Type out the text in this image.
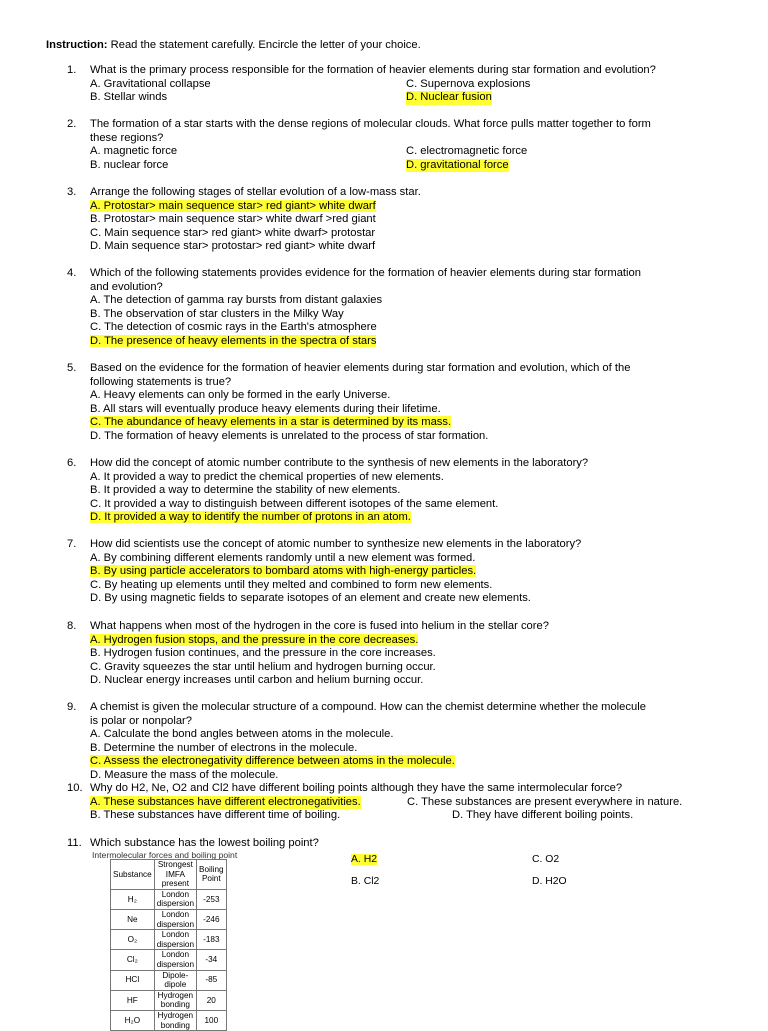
Instruction: Read the statement carefully. Encircle the letter of your choice.
1.	What is the primary process responsible for the formation of heavier elements during star formation and evolution?
A. Gravitational collapse	C. Supernova explosions
B. Stellar winds	D. Nuclear fusion
2.	The formation of a star starts with the dense regions of molecular clouds. What force pulls matter together to form
these regions?
A. magnetic force	C. electromagnetic force
B. nuclear force	D. gravitational force
3.	Arrange the following stages of stellar evolution of a low-mass star.
A. Protostar> main sequence star> red giant> white dwarf
B. Protostar> main sequence star> white dwarf >red giant
C. Main sequence star> red giant> white dwarf> protostar
D. Main sequence star> protostar> red giant> white dwarf
4.	Which of the following statements provides evidence for the formation of heavier elements during star formation
and evolution?
A. The detection of gamma ray bursts from distant galaxies
B. The observation of star clusters in the Milky Way
C. The detection of cosmic rays in the Earth's atmosphere
D. The presence of heavy elements in the spectra of stars
5.	Based on the evidence for the formation of heavier elements during star formation and evolution, which of the
following statements is true?
A. Heavy elements can only be formed in the early Universe.
B. All stars will eventually produce heavy elements during their lifetime.
C. The abundance of heavy elements in a star is determined by its mass.
D. The formation of heavy elements is unrelated to the process of star formation.
6.	How did the concept of atomic number contribute to the synthesis of new elements in the laboratory?
A. It provided a way to predict the chemical properties of new elements.
B. It provided a way to determine the stability of new elements.
C. It provided a way to distinguish between different isotopes of the same element.
D. It provided a way to identify the number of protons in an atom.
7.	How did scientists use the concept of atomic number to synthesize new elements in the laboratory?
A. By combining different elements randomly until a new element was formed.
B. By using particle accelerators to bombard atoms with high-energy particles.
C. By heating up elements until they melted and combined to form new elements.
D. By using magnetic fields to separate isotopes of an element and create new elements.
8.	What happens when most of the hydrogen in the core is fused into helium in the stellar core?
A. Hydrogen fusion stops, and the pressure in the core decreases.
B. Hydrogen fusion continues, and the pressure in the core increases.
C. Gravity squeezes the star until helium and hydrogen burning occur.
D. Nuclear energy increases until carbon and helium burning occur.
9.	A chemist is given the molecular structure of a compound. How can the chemist determine whether the molecule
is polar or nonpolar?
A. Calculate the bond angles between atoms in the molecule.
B. Determine the number of electrons in the molecule.
C. Assess the electronegativity difference between atoms in the molecule.
D. Measure the mass of the molecule.
10. Why do H2, Ne, O2 and Cl2 have different boiling points although they have the same intermolecular force?
A. These substances have different electronegativities.	C. These substances are present everywhere in nature.
B. These substances have different time of boiling.	D. They have different boiling points.
11. Which substance has the lowest boiling point?
Intermolecular forces and boiling point
Substance	Strongest IMFA present	Boiling Point
H₂	London dispersion	-253
Ne	London dispersion	-246
O₂	London dispersion	-183
Cl₂	London dispersion	-34
HCl	Dipole-dipole	-85
HF	Hydrogen bonding	20
H₂O	Hydrogen bonding	100
A. H2	C. O2
B. Cl2	D. H2O
